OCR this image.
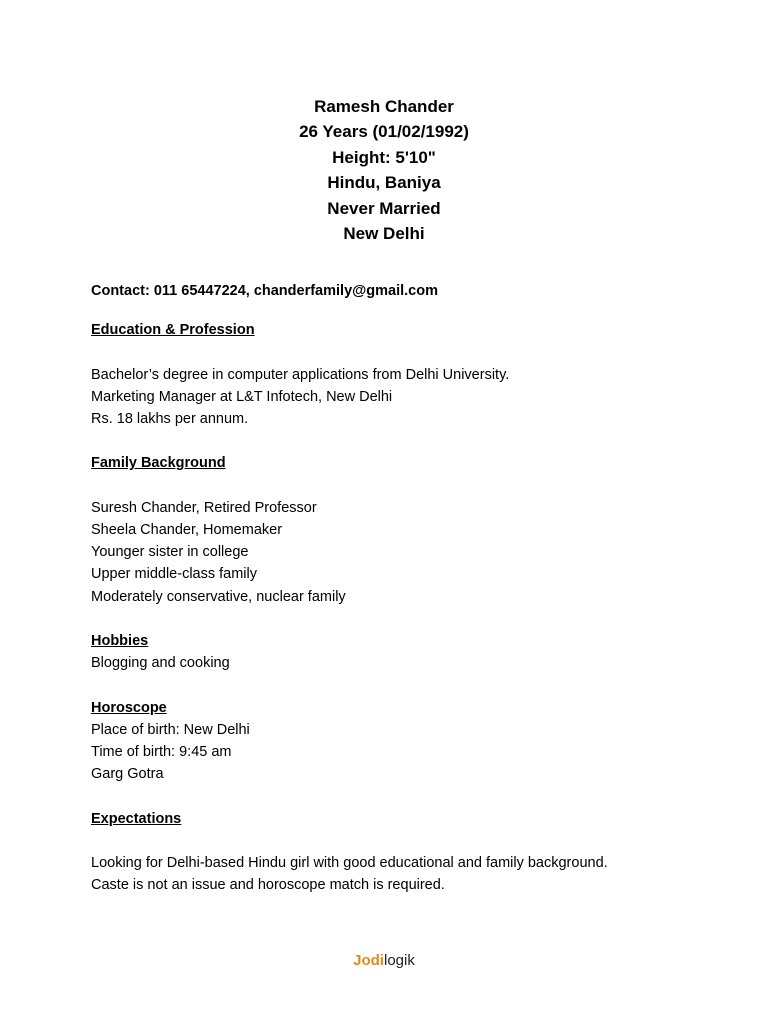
Ramesh Chander
26 Years (01/02/1992)
Height: 5'10"
Hindu, Baniya
Never Married
New Delhi
Contact: 011 65447224, chanderfamily@gmail.com
Education & Profession
Bachelor’s degree in computer applications from Delhi University.
Marketing Manager at L&T Infotech, New Delhi
Rs. 18 lakhs per annum.
Family Background
Suresh Chander, Retired Professor
Sheela Chander, Homemaker
Younger sister in college
Upper middle-class family
Moderately conservative, nuclear family
Hobbies
Blogging and cooking
Horoscope
Place of birth: New Delhi
Time of birth: 9:45 am
Garg Gotra
Expectations
Looking for Delhi-based Hindu girl with good educational and family background.
Caste is not an issue and horoscope match is required.
Jodilogik
